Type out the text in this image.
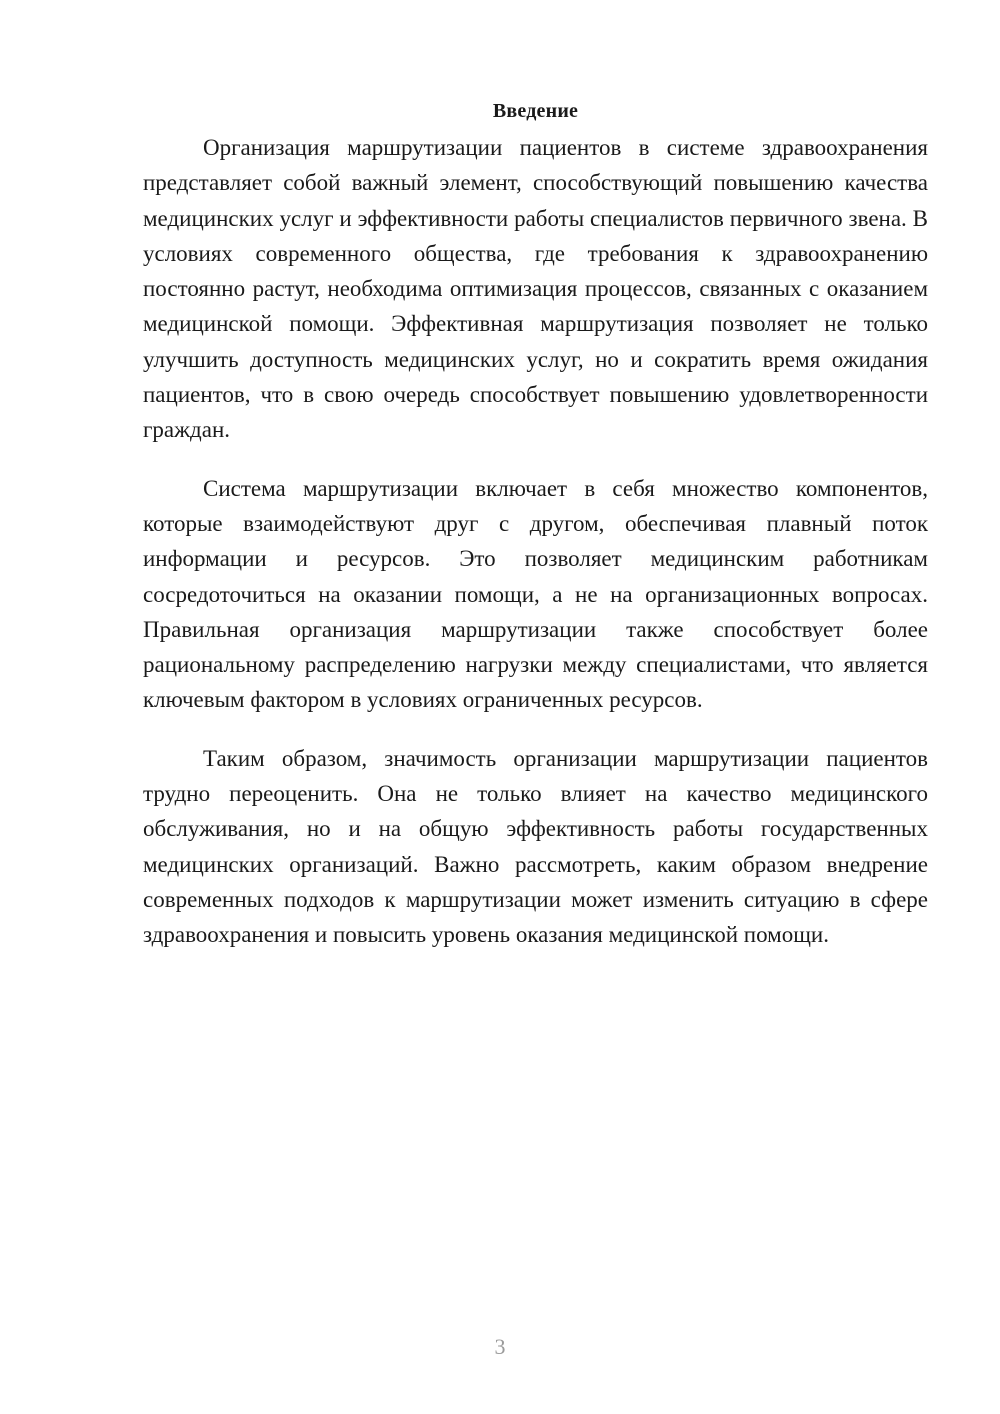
Введение

Организация маршрутизации пациентов в системе здравоохранения представляет собой важный элемент, способствующий повышению качества медицинских услуг и эффективности работы специалистов первичного звена. В условиях современного общества, где требования к здравоохранению постоянно растут, необходима оптимизация процессов, связанных с оказанием медицинской помощи. Эффективная маршрутизация позволяет не только улучшить доступность медицинских услуг, но и сократить время ожидания пациентов, что в свою очередь способствует повышению удовлетворенности граждан.

Система маршрутизации включает в себя множество компонентов, которые взаимодействуют друг с другом, обеспечивая плавный поток информации и ресурсов. Это позволяет медицинским работникам сосредоточиться на оказании помощи, а не на организационных вопросах. Правильная организация маршрутизации также способствует более рациональному распределению нагрузки между специалистами, что является ключевым фактором в условиях ограниченных ресурсов.

Таким образом, значимость организации маршрутизации пациентов трудно переоценить. Она не только влияет на качество медицинского обслуживания, но и на общую эффективность работы государственных медицинских организаций. Важно рассмотреть, каким образом внедрение современных подходов к маршрутизации может изменить ситуацию в сфере здравоохранения и повысить уровень оказания медицинской помощи.

3
